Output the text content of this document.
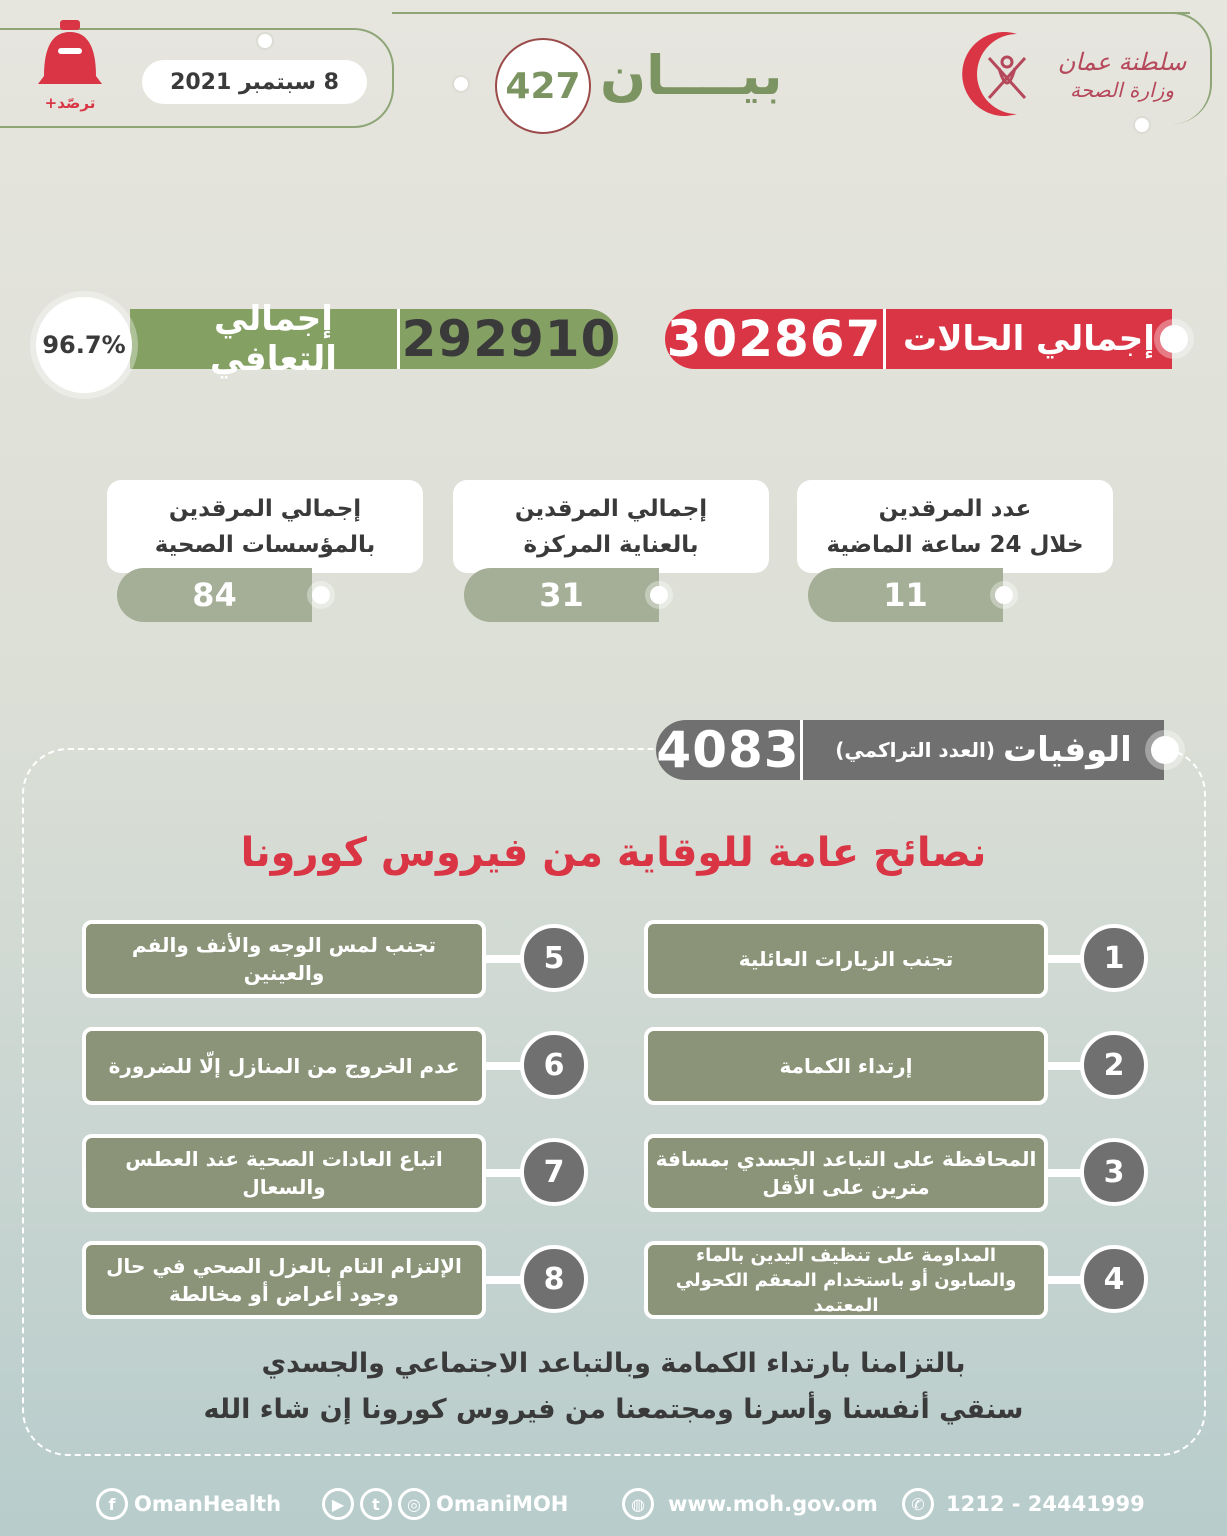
ترصّد+
8 سبتمبر 2021	427 بيــــان	سلطنة عمان
وزارة الصحة
302867 إجمالي الحالات
إجمالي التعافي	292910
96.7%
عدد المرقدين
خلال 24 ساعة الماضية
11
إجمالي المرقدين
بالعناية المركزة
31
إجمالي المرقدين
بالمؤسسات الصحية
84
4083	الوفيات
(العدد التراكمي)
نصائح عامة للوقاية من فيروس كورونا
تجنب الزيارات العائلية	1
إرتداء الكمامة	2
المحافظة على التباعد الجسدي بمسافة مترين على الأقل	3
المداومة على تنظيف اليدين بالماء والصابون أو باستخدام المعقم الكحولي المعتمد
4
تجنب لمس الوجه والأنف والفم والعينين	5
عدم الخروج من المنازل إلّا للضرورة	6
اتباع العادات الصحية عند العطس والسعال	7
الإلتزام التام بالعزل الصحي في حال وجود أعراض أو مخالطة	8
بالتزامنا بارتداء الكمامة وبالتباعد الاجتماعي والجسدي
سنقي أنفسنا وأسرنا ومجتمعنا من فيروس كورونا إن شاء الله
f OmanHealth	▶	t	◎ OmaniMOH	◍	www.moh.gov.om	✆	1212 - 24441999
